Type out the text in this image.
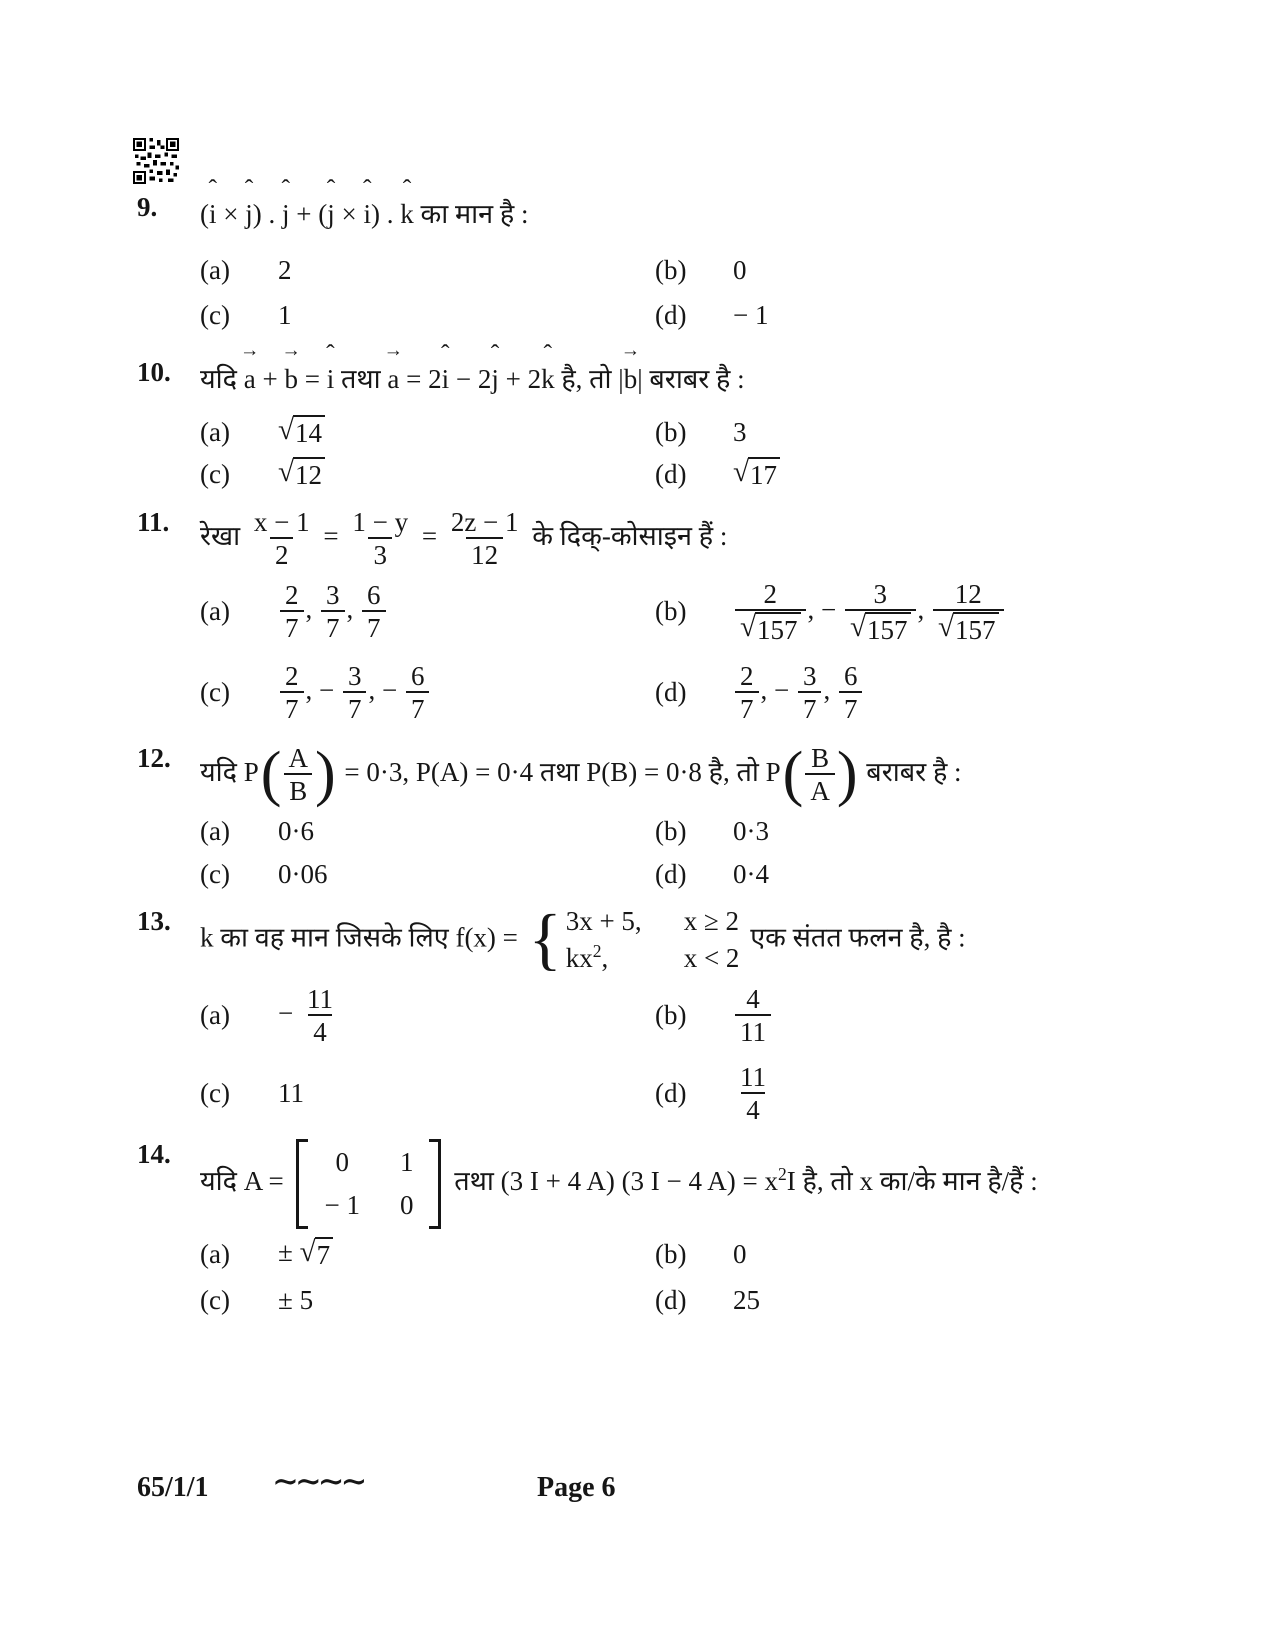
9.	(
ˆ
i ×
ˆ
j) .
ˆ
j + (
ˆ
j ×
ˆ
i) .
ˆ
k का मान है :
(a)	2	(b)	0
(c)	1	(d)	− 1
10.	यदि
→
a +
→
b =
ˆ
i तथा
→
a = 2
ˆ
i − 2
ˆ
j + 2
ˆ
k है, तो |
→
b| बराबर है :
(a)	√ 14	(b)	3
(c)	√ 12	(d)	√ 17
11.	रेखा $\frac{x - 1}{2} = \frac{1 - y}{3} = \frac{2z - 1}{12}$ के दिक्-कोसाइन हैं :
(a)	$\frac{2}{7}$ , $\frac{3}{7}$ , $\frac{6}{7}$	(b)	$\frac{2}{√ 157}$ , − $\frac{3}{√ 157}$ , $\frac{12}{√ 157}$
(c)	$\frac{2}{7}$ , − $\frac{3}{7}$ , − $\frac{6}{7}$	(d)	$\frac{2}{7}$ , − $\frac{3}{7}$ , $\frac{6}{7}$
12.	यदि P ( $\frac{A}{B}$ ) = 0·3, P(A) = 0·4 तथा P(B) = 0·8 है, तो P ( $\frac{B}{A}$ ) बराबर है :
(a)	0·6	(b)	0·3
(c)	0·06	(d)	0·4
13.
k का वह मान जिसके लिए f(x) = { 3x + 5,	x ≥ 2
$kx^2$,	x < 2
एक संतत फलन है, है :
(a)	− $\frac{11}{4}$	(b)	$\frac{4}{11}$
(c)	11	(d)	$\frac{11}{4}$
14.
यदि A =
0	1
− 1 0
तथा (3 I + 4 A) (3 I − 4 $A) = x^2I$ है, तो x का/के मान है/हैं :
(a)	± √ 7	(b)	0
(c)	± 5	(d)	25
65/1/1 ∼∼∼∼	Page 6
